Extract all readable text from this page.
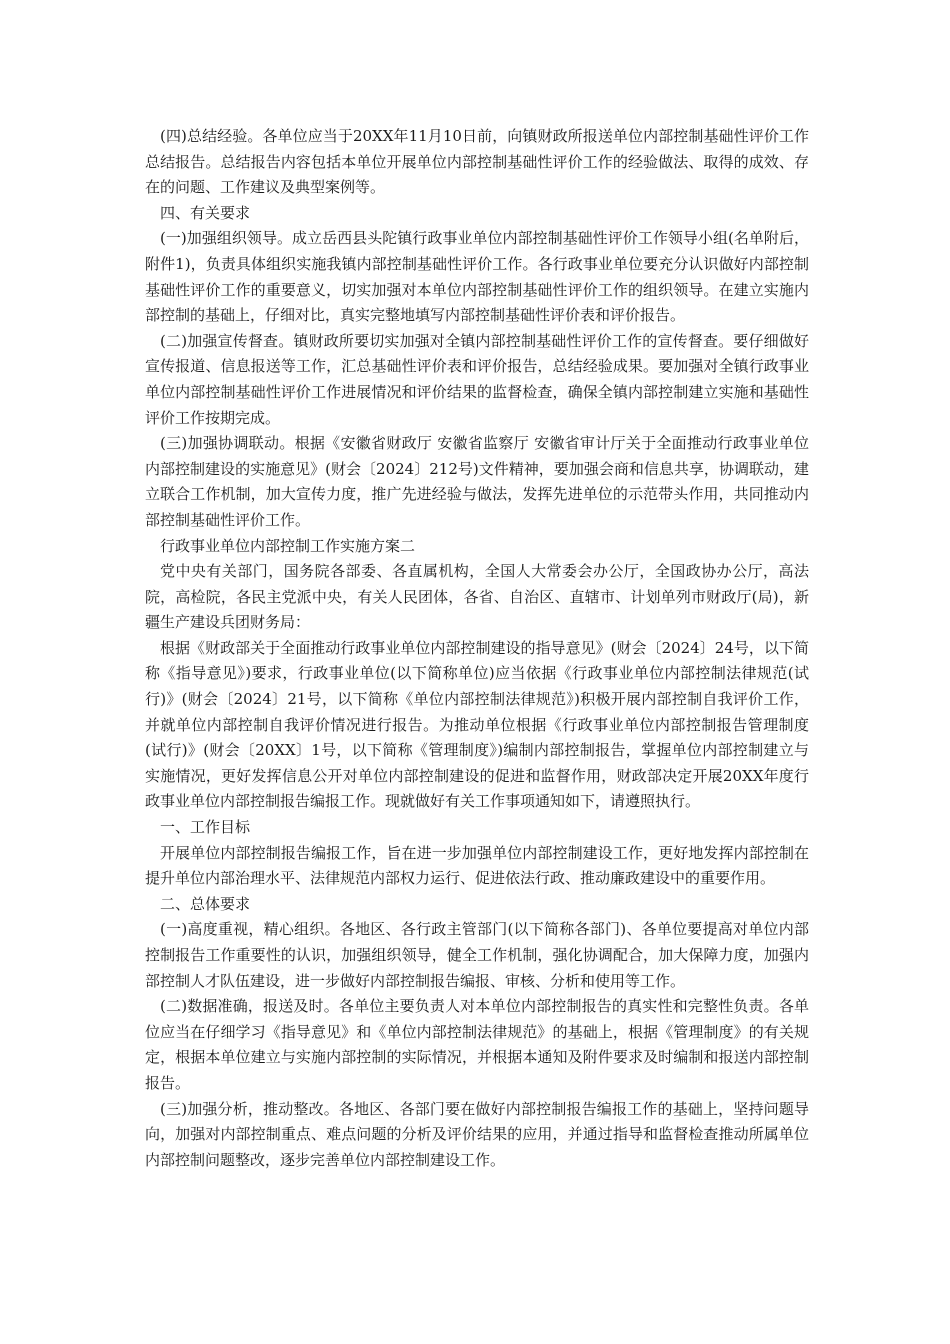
(四)总结经验。各单位应当于20XX年11月10日前，向镇财政所报送单位内部控制基础性评价工作总结报告。总结报告内容包括本单位开展单位内部控制基础性评价工作的经验做法、取得的成效、存在的问题、工作建议及典型案例等。

四、有关要求

(一)加强组织领导。成立岳西县头陀镇行政事业单位内部控制基础性评价工作领导小组(名单附后，附件1)，负责具体组织实施我镇内部控制基础性评价工作。各行政事业单位要充分认识做好内部控制基础性评价工作的重要意义，切实加强对本单位内部控制基础性评价工作的组织领导。在建立实施内部控制的基础上，仔细对比，真实完整地填写内部控制基础性评价表和评价报告。

(二)加强宣传督查。镇财政所要切实加强对全镇内部控制基础性评价工作的宣传督查。要仔细做好宣传报道、信息报送等工作，汇总基础性评价表和评价报告，总结经验成果。要加强对全镇行政事业单位内部控制基础性评价工作进展情况和评价结果的监督检查，确保全镇内部控制建立实施和基础性评价工作按期完成。

(三)加强协调联动。根据《安徽省财政厅 安徽省监察厅 安徽省审计厅关于全面推动行政事业单位内部控制建设的实施意见》(财会〔2024〕212号)文件精神，要加强会商和信息共享，协调联动，建立联合工作机制，加大宣传力度，推广先进经验与做法，发挥先进单位的示范带头作用，共同推动内部控制基础性评价工作。

行政事业单位内部控制工作实施方案二

党中央有关部门，国务院各部委、各直属机构，全国人大常委会办公厅，全国政协办公厅，高法院，高检院，各民主党派中央，有关人民团体，各省、自治区、直辖市、计划单列市财政厅(局)，新疆生产建设兵团财务局：

根据《财政部关于全面推动行政事业单位内部控制建设的指导意见》(财会〔2024〕24号，以下简称《指导意见》)要求，行政事业单位(以下简称单位)应当依据《行政事业单位内部控制法律规范(试行)》(财会〔2024〕21号，以下简称《单位内部控制法律规范》)积极开展内部控制自我评价工作，并就单位内部控制自我评价情况进行报告。为推动单位根据《行政事业单位内部控制报告管理制度(试行)》(财会〔20XX〕1号，以下简称《管理制度》)编制内部控制报告，掌握单位内部控制建立与实施情况，更好发挥信息公开对单位内部控制建设的促进和监督作用，财政部决定开展20XX年度行政事业单位内部控制报告编报工作。现就做好有关工作事项通知如下，请遵照执行。

一、工作目标

开展单位内部控制报告编报工作，旨在进一步加强单位内部控制建设工作，更好地发挥内部控制在提升单位内部治理水平、法律规范内部权力运行、促进依法行政、推动廉政建设中的重要作用。

二、总体要求

(一)高度重视，精心组织。各地区、各行政主管部门(以下简称各部门)、各单位要提高对单位内部控制报告工作重要性的认识，加强组织领导，健全工作机制，强化协调配合，加大保障力度，加强内部控制人才队伍建设，进一步做好内部控制报告编报、审核、分析和使用等工作。

(二)数据准确，报送及时。各单位主要负责人对本单位内部控制报告的真实性和完整性负责。各单位应当在仔细学习《指导意见》和《单位内部控制法律规范》的基础上，根据《管理制度》的有关规定，根据本单位建立与实施内部控制的实际情况，并根据本通知及附件要求及时编制和报送内部控制报告。

(三)加强分析，推动整改。各地区、各部门要在做好内部控制报告编报工作的基础上，坚持问题导向，加强对内部控制重点、难点问题的分析及评价结果的应用，并通过指导和监督检查推动所属单位内部控制问题整改，逐步完善单位内部控制建设工作。
